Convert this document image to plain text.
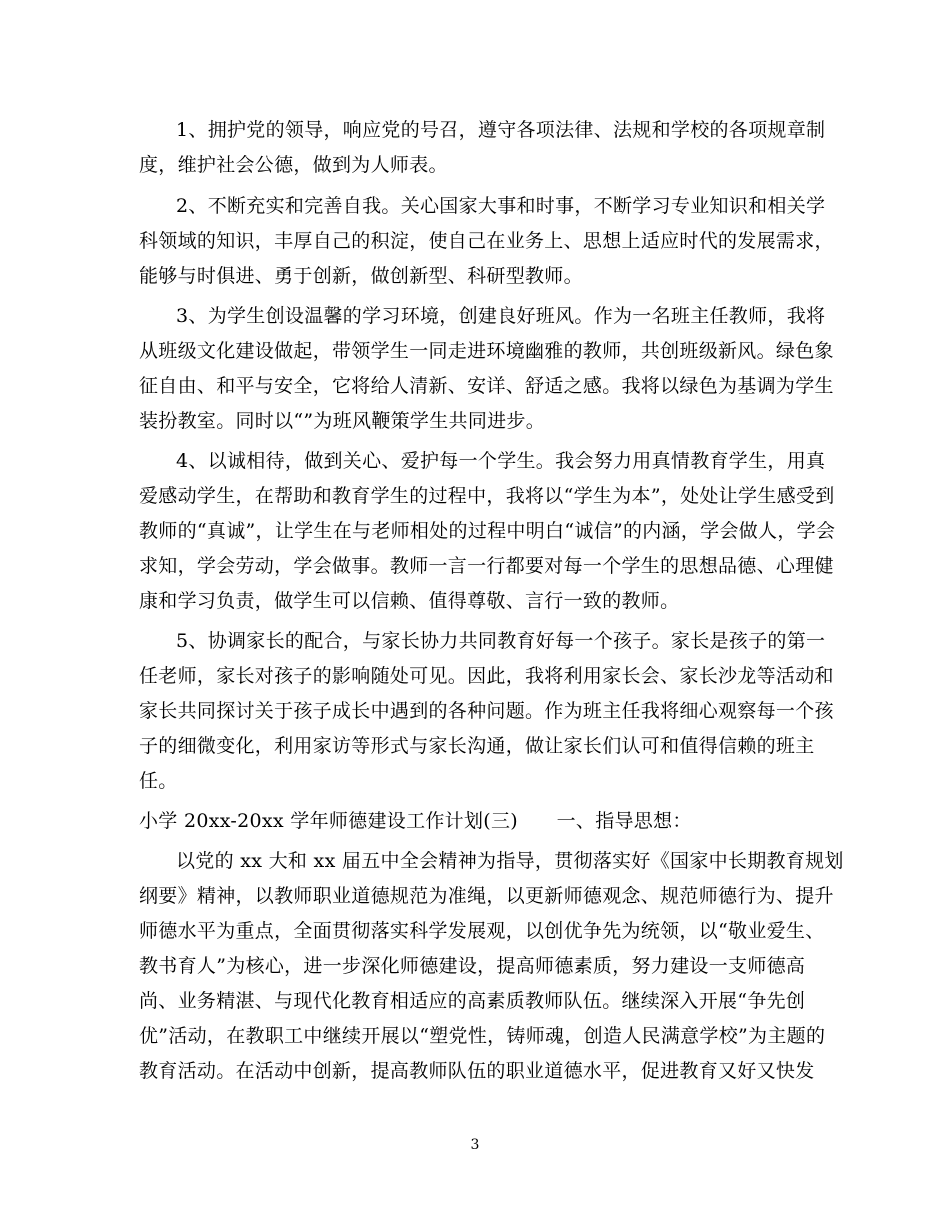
1、拥护党的领导，响应党的号召，遵守各项法律、法规和学校的各项规章制
度，维护社会公德，做到为人师表。
2、不断充实和完善自我。关心国家大事和时事，不断学习专业知识和相关学
科领域的知识，丰厚自己的积淀，使自己在业务上、思想上适应时代的发展需求，
能够与时俱进、勇于创新，做创新型、科研型教师。
3、为学生创设温馨的学习环境，创建良好班风。作为一名班主任教师，我将
从班级文化建设做起，带领学生一同走进环境幽雅的教师，共创班级新风。绿色象
征自由、和平与安全，它将给人清新、安详、舒适之感。我将以绿色为基调为学生
装扮教室。同时以“”为班风鞭策学生共同进步。
4、以诚相待，做到关心、爱护每一个学生。我会努力用真情教育学生，用真
爱感动学生，在帮助和教育学生的过程中，我将以“学生为本”，处处让学生感受到
教师的“真诚”，让学生在与老师相处的过程中明白“诚信”的内涵，学会做人，学会
求知，学会劳动，学会做事。教师一言一行都要对每一个学生的思想品德、心理健
康和学习负责，做学生可以信赖、值得尊敬、言行一致的教师。
5、协调家长的配合，与家长协力共同教育好每一个孩子。家长是孩子的第一
任老师，家长对孩子的影响随处可见。因此，我将利用家长会、家长沙龙等活动和
家长共同探讨关于孩子成长中遇到的各种问题。作为班主任我将细心观察每一个孩
子的细微变化，利用家访等形式与家长沟通，做让家长们认可和值得信赖的班主
任。
小学 20xx-20xx 学年师德建设工作计划(三)　　一、指导思想：
以党的 xx 大和 xx 届五中全会精神为指导，贯彻落实好《国家中长期教育规划
纲要》精神，以教师职业道德规范为准绳，以更新师德观念、规范师德行为、提升
师德水平为重点，全面贯彻落实科学发展观，以创优争先为统领，以“敬业爱生、
教书育人”为核心，进一步深化师德建设，提高师德素质，努力建设一支师德高
尚、业务精湛、与现代化教育相适应的高素质教师队伍。继续深入开展“争先创
优”活动，在教职工中继续开展以“塑党性，铸师魂，创造人民满意学校”为主题的
教育活动。在活动中创新，提高教师队伍的职业道德水平，促进教育又好又快发
3
